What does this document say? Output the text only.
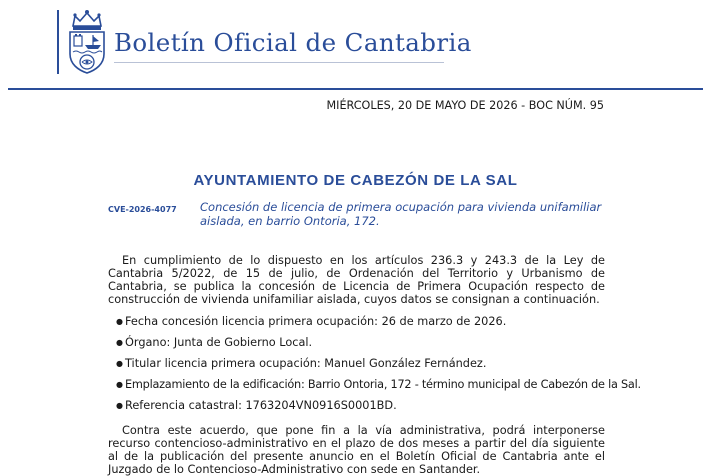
Boletín Oficial de Cantabria
MIÉRCOLES, 20 DE MAYO DE 2026 - BOC NÚM. 95
AYUNTAMIENTO DE CABEZÓN DE LA SAL
CVE-2026-4077 Concesión de licencia de primera ocupación para vivienda unifamiliar aislada, en barrio Ontoria, 172.

En cumplimiento de lo dispuesto en los artículos 236.3 y 243.3 de la Ley de Cantabria 5/2022, de 15 de julio, de Ordenación del Territorio y Urbanismo de Cantabria, se publica la concesión de Licencia de Primera Ocupación respecto de construcción de vivienda unifamiliar aislada, cuyos datos se consignan a continuación.

● Fecha concesión licencia primera ocupación: 26 de marzo de 2026.
● Órgano: Junta de Gobierno Local.
● Titular licencia primera ocupación: Manuel González Fernández.
● Emplazamiento de la edificación: Barrio Ontoria, 172 - término municipal de Cabezón de la Sal.
● Referencia catastral: 1763204VN0916S0001BD.

Contra este acuerdo, que pone fin a la vía administrativa, podrá interponerse recurso contencioso-administrativo en el plazo de dos meses a partir del día siguiente al de la publicación del presente anuncio en el Boletín Oficial de Cantabria ante el Juzgado de lo Contencioso-Administrativo con sede en Santander.
